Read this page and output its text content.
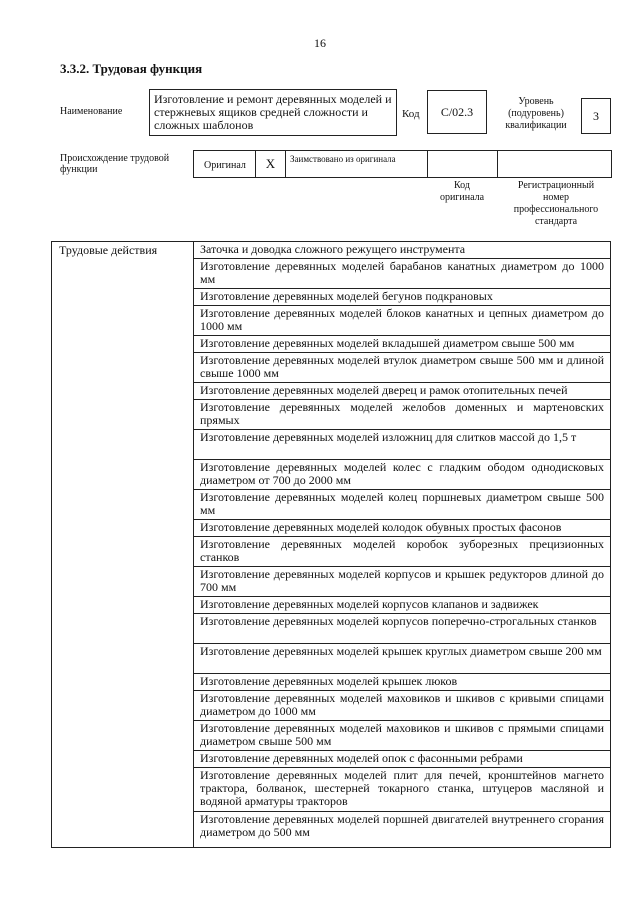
16
3.3.2. Трудовая функция
Наименование
Изготовление и ремонт деревянных моделей и стержневых ящиков средней сложности и сложных шаблонов
Код	С/02.3
Уровень (подуровень) квалификации
3
Происхождение трудовой функции	Оригинал	X	Заимствовано из оригинала
Код оригинала
Регистрационный номер профессионального стандарта
Трудовые действия	Заточка и доводка сложного режущего инструмента
Изготовление деревянных моделей барабанов канатных диаметром до 1000 мм
Изготовление деревянных моделей бегунов подкрановых
Изготовление деревянных моделей блоков канатных и цепных диаметром до 1000 мм
Изготовление деревянных моделей вкладышей диаметром свыше 500 мм
Изготовление деревянных моделей втулок диаметром свыше 500 мм и длиной свыше 1000 мм
Изготовление деревянных моделей дверец и рамок отопительных печей
Изготовление деревянных моделей желобов доменных и мартеновских прямых
Изготовление деревянных моделей изложниц для слитков массой до 1,5 т
Изготовление деревянных моделей колес с гладким ободом однодисковых диаметром от 700 до 2000 мм
Изготовление деревянных моделей колец поршневых диаметром свыше 500 мм
Изготовление деревянных моделей колодок обувных простых фасонов
Изготовление деревянных моделей коробок зуборезных прецизионных станков
Изготовление деревянных моделей корпусов и крышек редукторов длиной до 700 мм
Изготовление деревянных моделей корпусов клапанов и задвижек
Изготовление деревянных моделей корпусов поперечно-строгальных станков
Изготовление деревянных моделей крышек круглых диаметром свыше 200 мм
Изготовление деревянных моделей крышек люков
Изготовление деревянных моделей маховиков и шкивов с кривыми спицами диаметром до 1000 мм
Изготовление деревянных моделей маховиков и шкивов с прямыми спицами диаметром свыше 500 мм
Изготовление деревянных моделей опок с фасонными ребрами
Изготовление деревянных моделей плит для печей, кронштейнов магнето трактора, болванок, шестерней токарного станка, штуцеров масляной и водяной арматуры тракторов
Изготовление деревянных моделей поршней двигателей внутреннего сгорания диаметром до 500 мм
